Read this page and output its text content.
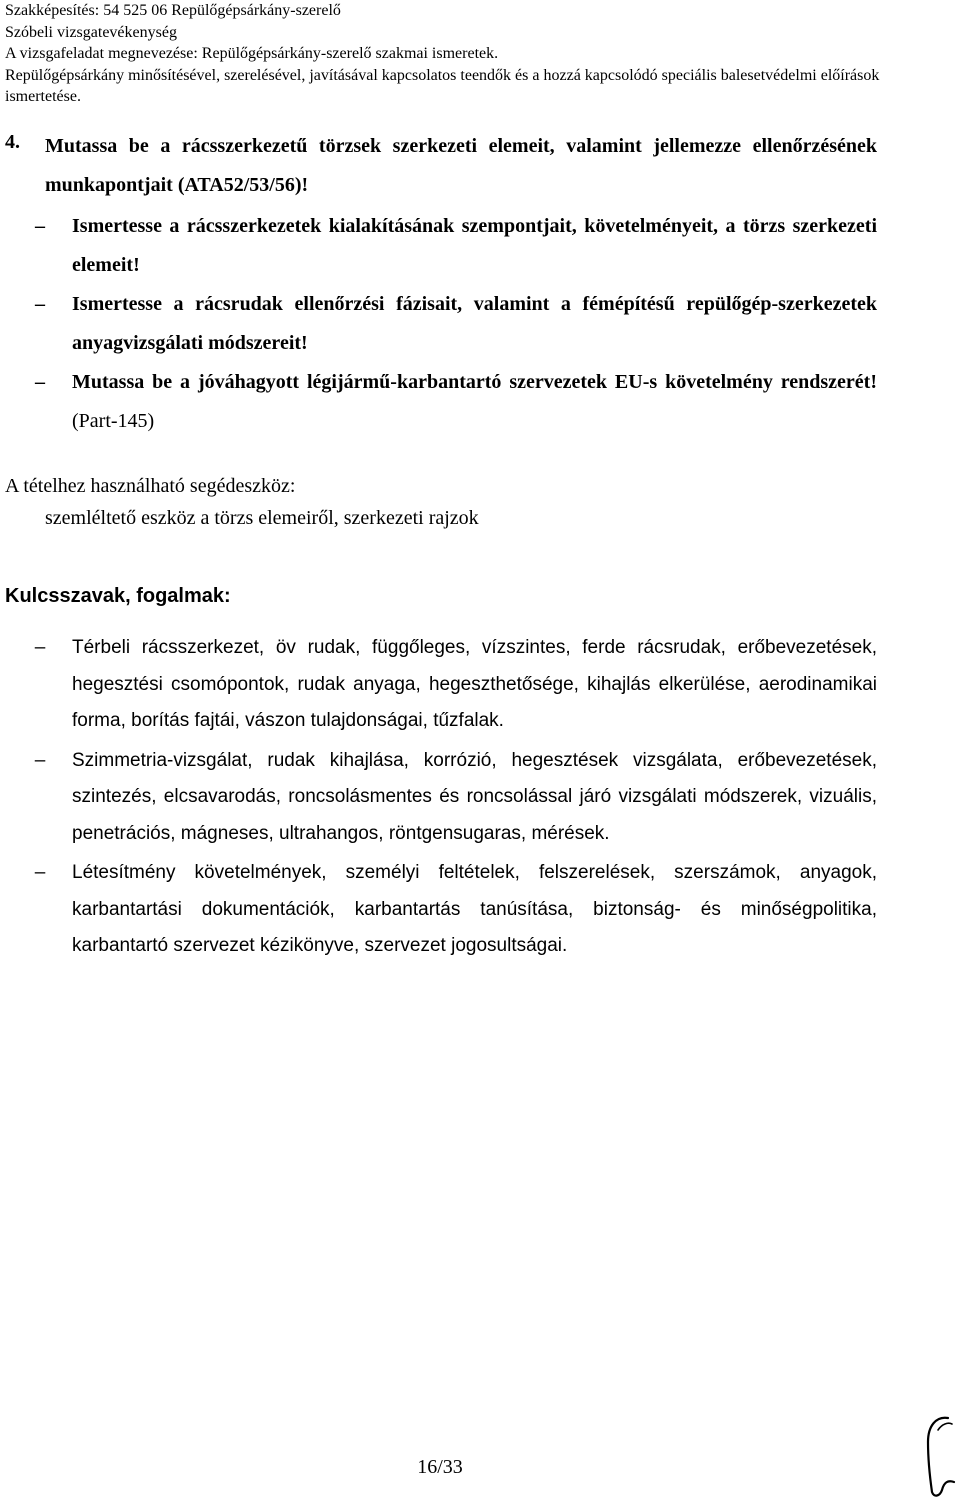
Szakképesítés: 54 525 06 Repülőgépsárkány-szerelő
Szóbeli vizsgatevékenység
A vizsgafeladat megnevezése: Repülőgépsárkány-szerelő szakmai ismeretek.
Repülőgépsárkány minősítésével, szerelésével, javításával kapcsolatos teendők és a hozzá kapcsolódó speciális balesetvédelmi előírások ismertetése.
4. Mutassa be a rácsszerkezetű törzsek szerkezeti elemeit, valamint jellemezze ellenőrzésének munkapontjait (ATA52/53/56)!
–	Ismertesse a rácsszerkezetek kialakításának szempontjait, követelményeit, a törzs szerkezeti elemeit!
–	Ismertesse a rácsrudak ellenőrzési fázisait, valamint a fémépítésű repülőgép-szerkezetek anyagvizsgálati módszereit!
–	Mutassa be a jóváhagyott légijármű-karbantartó szervezetek EU-s követelmény rendszerét! (Part-145)
A tételhez használható segédeszköz:
szemléltető eszköz a törzs elemeiről, szerkezeti rajzok
Kulcsszavak, fogalmak:
–	Térbeli rácsszerkezet, öv rudak, függőleges, vízszintes, ferde rácsrudak, erőbevezetések, hegesztési csomópontok, rudak anyaga, hegeszthetősége, kihajlás elkerülése, aerodinamikai forma, borítás fajtái, vászon tulajdonságai, tűzfalak.
–	Szimmetria-vizsgálat, rudak kihajlása, korrózió, hegesztések vizsgálata, erőbevezetések, szintezés, elcsavarodás, roncsolásmentes és roncsolással járó vizsgálati módszerek, vizuális, penetrációs, mágneses, ultrahangos, röntgensugaras, mérések.
–	Létesítmény követelmények, személyi feltételek, felszerelések, szerszámok, anyagok, karbantartási dokumentációk, karbantartás tanúsítása, biztonság- és minőségpolitika, karbantartó szervezet kézikönyve, szervezet jogosultságai.
16/33
